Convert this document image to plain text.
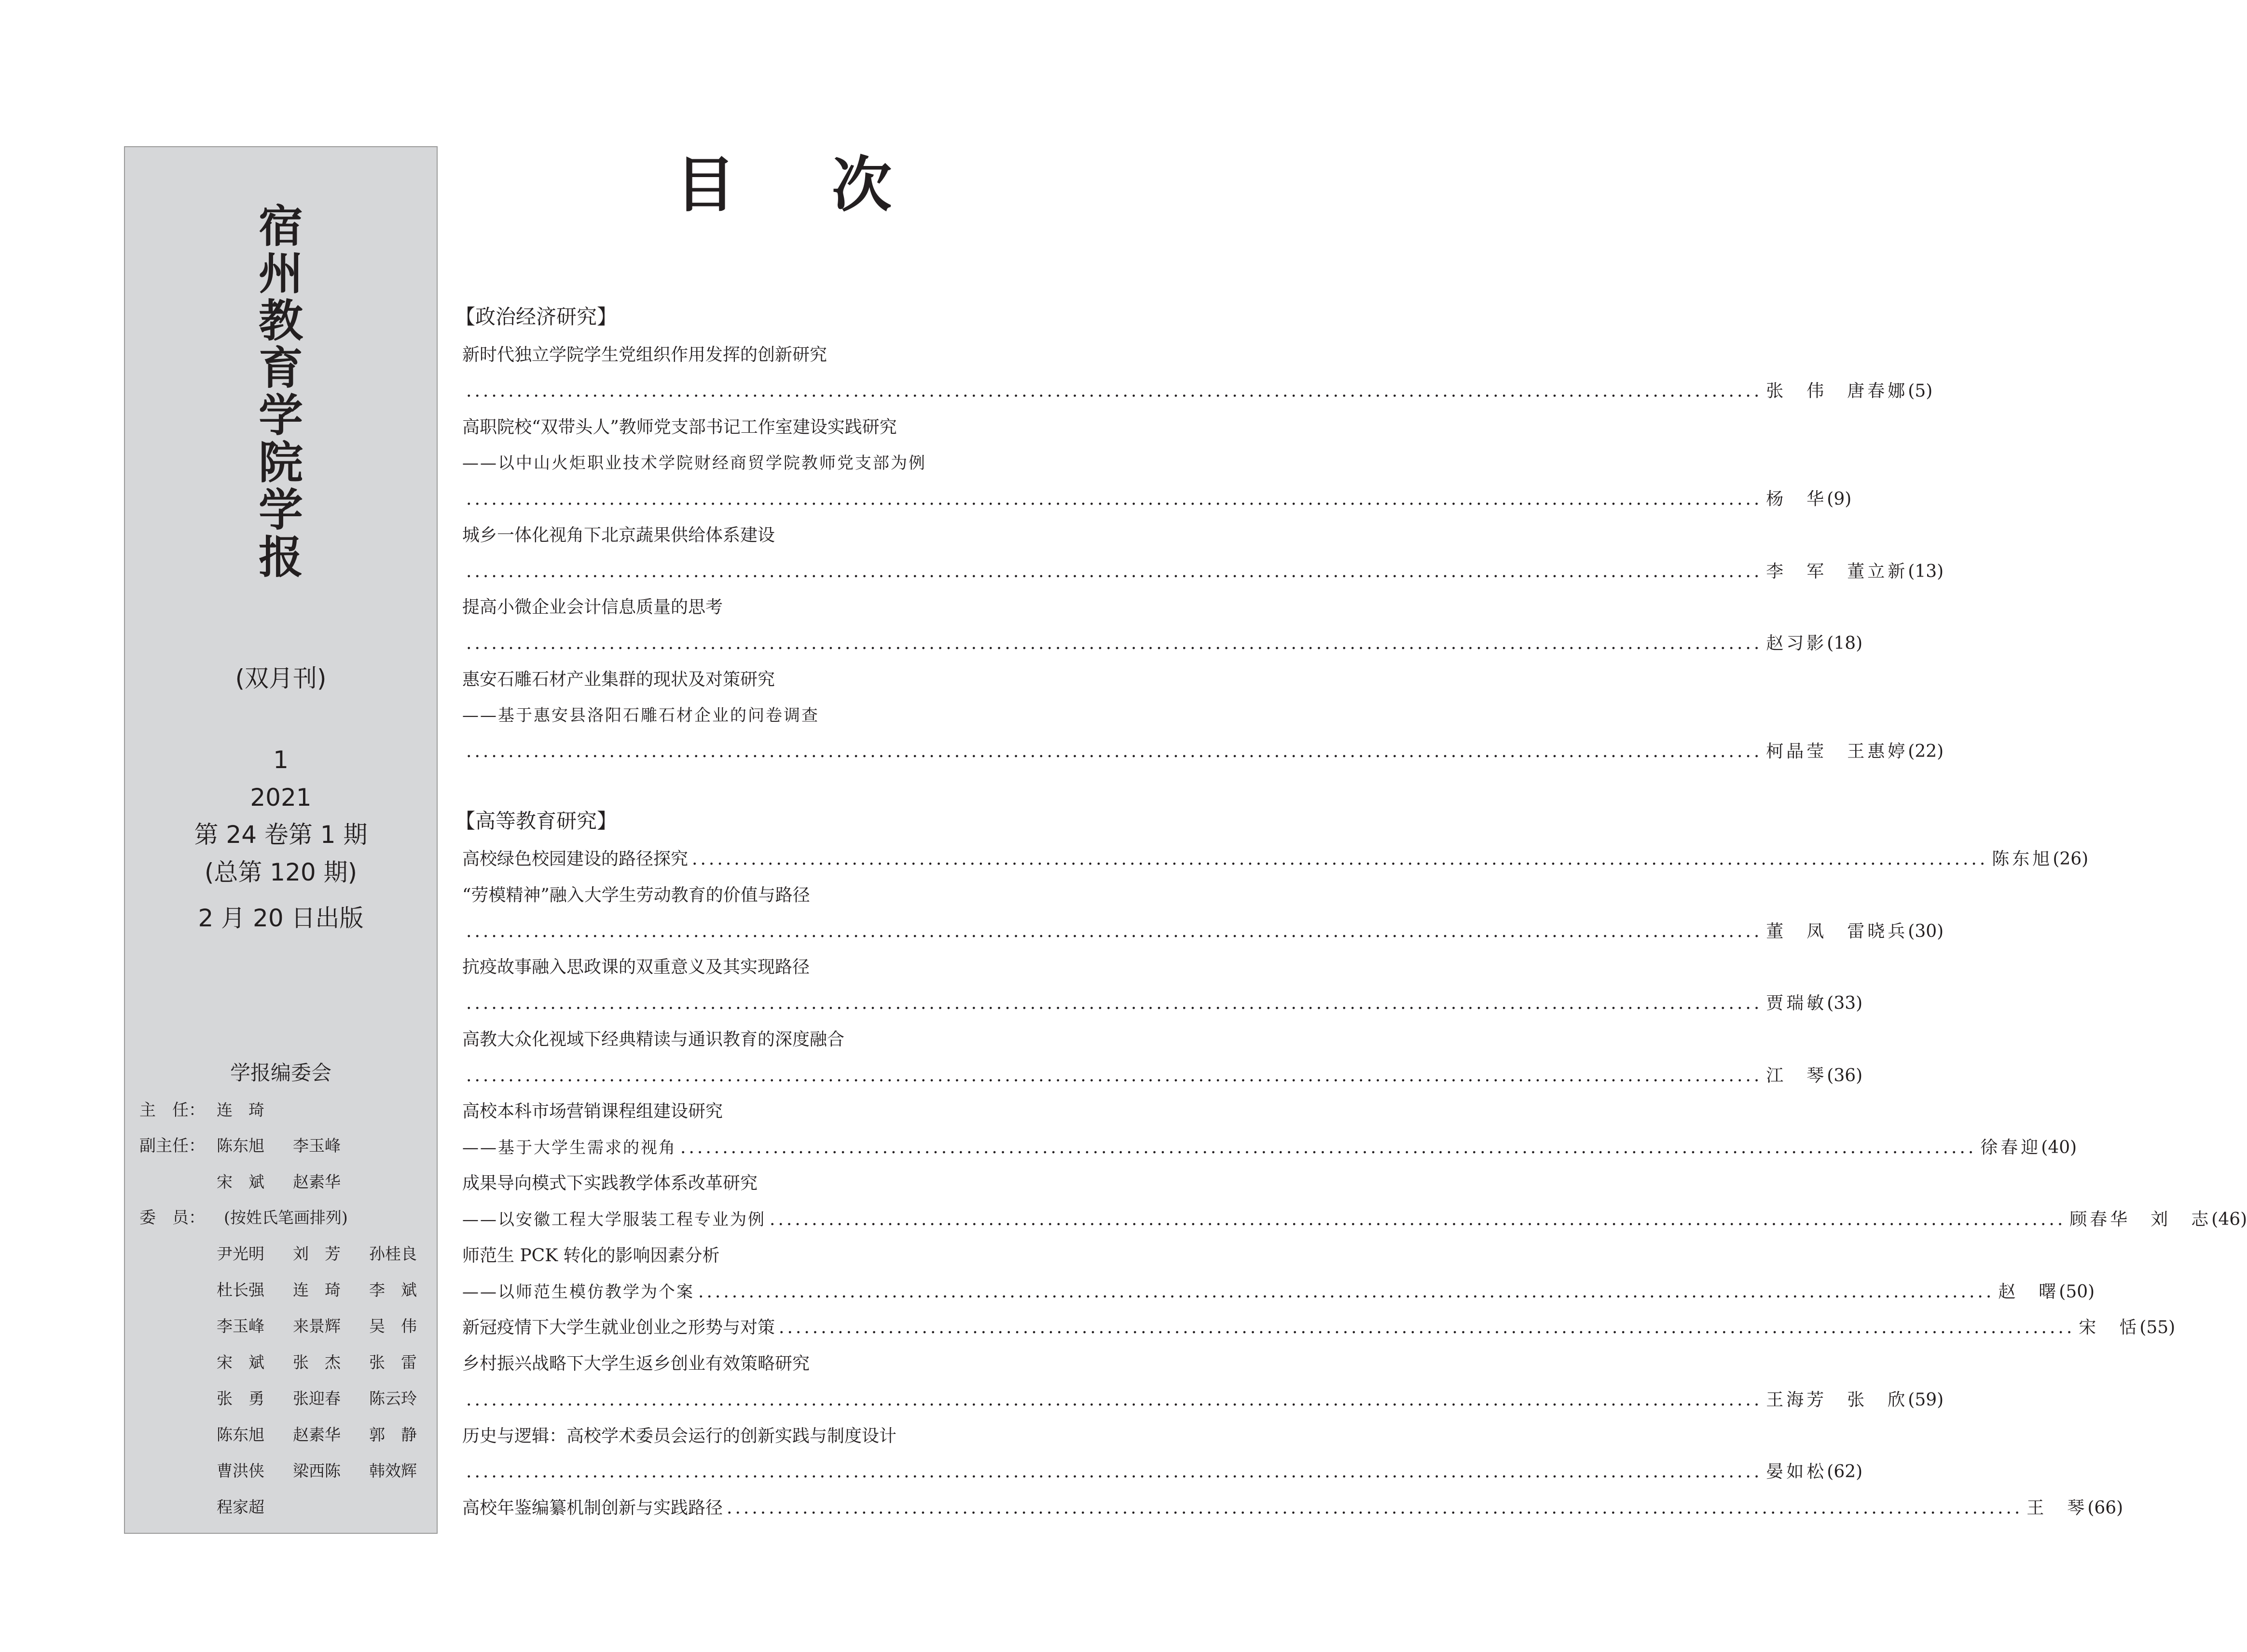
宿
州
教
育
学
院
学
报
(双月刊)
1
2021
第 24 卷第 1 期
(总第 120 期)
2 月 20 日出版
学报编委会
主　任： 连　琦
副主任： 陈东旭 李玉峰
宋　斌 赵素华
委　员： (按姓氏笔画排列)
尹光明 刘　芳 孙桂良
杜长强 连　琦 李　斌
李玉峰 来景辉 吴　伟
宋　斌 张　杰 张　雷
张　勇 张迎春 陈云玲
陈东旭 赵素华 郭　静
曹洪侠 梁西陈 韩效辉
程家超
目次
【政治经济研究】
新时代独立学院学生党组织作用发挥的创新研究
.......................................................................................................................................................... 张　伟　唐春娜 (5)
高职院校“双带头人”教师党支部书记工作室建设实践研究
——以中山火炬职业技术学院财经商贸学院教师党支部为例
.......................................................................................................................................................... 杨　华 (9)
城乡一体化视角下北京蔬果供给体系建设
.......................................................................................................................................................... 李　军　董立新 (13)
提高小微企业会计信息质量的思考
.......................................................................................................................................................... 赵习影 (18)
惠安石雕石材产业集群的现状及对策研究
——基于惠安县洛阳石雕石材企业的问卷调查
.......................................................................................................................................................... 柯晶莹　王惠婷 (22)
【高等教育研究】
高校绿色校园建设的路径探究 .......................................................................................................................................................... 陈东旭 (26)
“劳模精神”融入大学生劳动教育的价值与路径
.......................................................................................................................................................... 董　凤　雷晓兵 (30)
抗疫故事融入思政课的双重意义及其实现路径
.......................................................................................................................................................... 贾瑞敏 (33)
高教大众化视域下经典精读与通识教育的深度融合
.......................................................................................................................................................... 江　琴 (36)
高校本科市场营销课程组建设研究
——基于大学生需求的视角 .......................................................................................................................................................... 徐春迎 (40)
成果导向模式下实践教学体系改革研究
——以安徽工程大学服装工程专业为例 .......................................................................................................................................................... 顾春华　刘　志 (46)
师范生 PCK 转化的影响因素分析
——以师范生模仿教学为个案 .......................................................................................................................................................... 赵　曙 (50)
新冠疫情下大学生就业创业之形势与对策 .......................................................................................................................................................... 宋　恬 (55)
乡村振兴战略下大学生返乡创业有效策略研究
.......................................................................................................................................................... 王海芳　张　欣 (59)
历史与逻辑：高校学术委员会运行的创新实践与制度设计
.......................................................................................................................................................... 晏如松 (62)
高校年鉴编纂机制创新与实践路径 .......................................................................................................................................................... 王　琴 (66)
